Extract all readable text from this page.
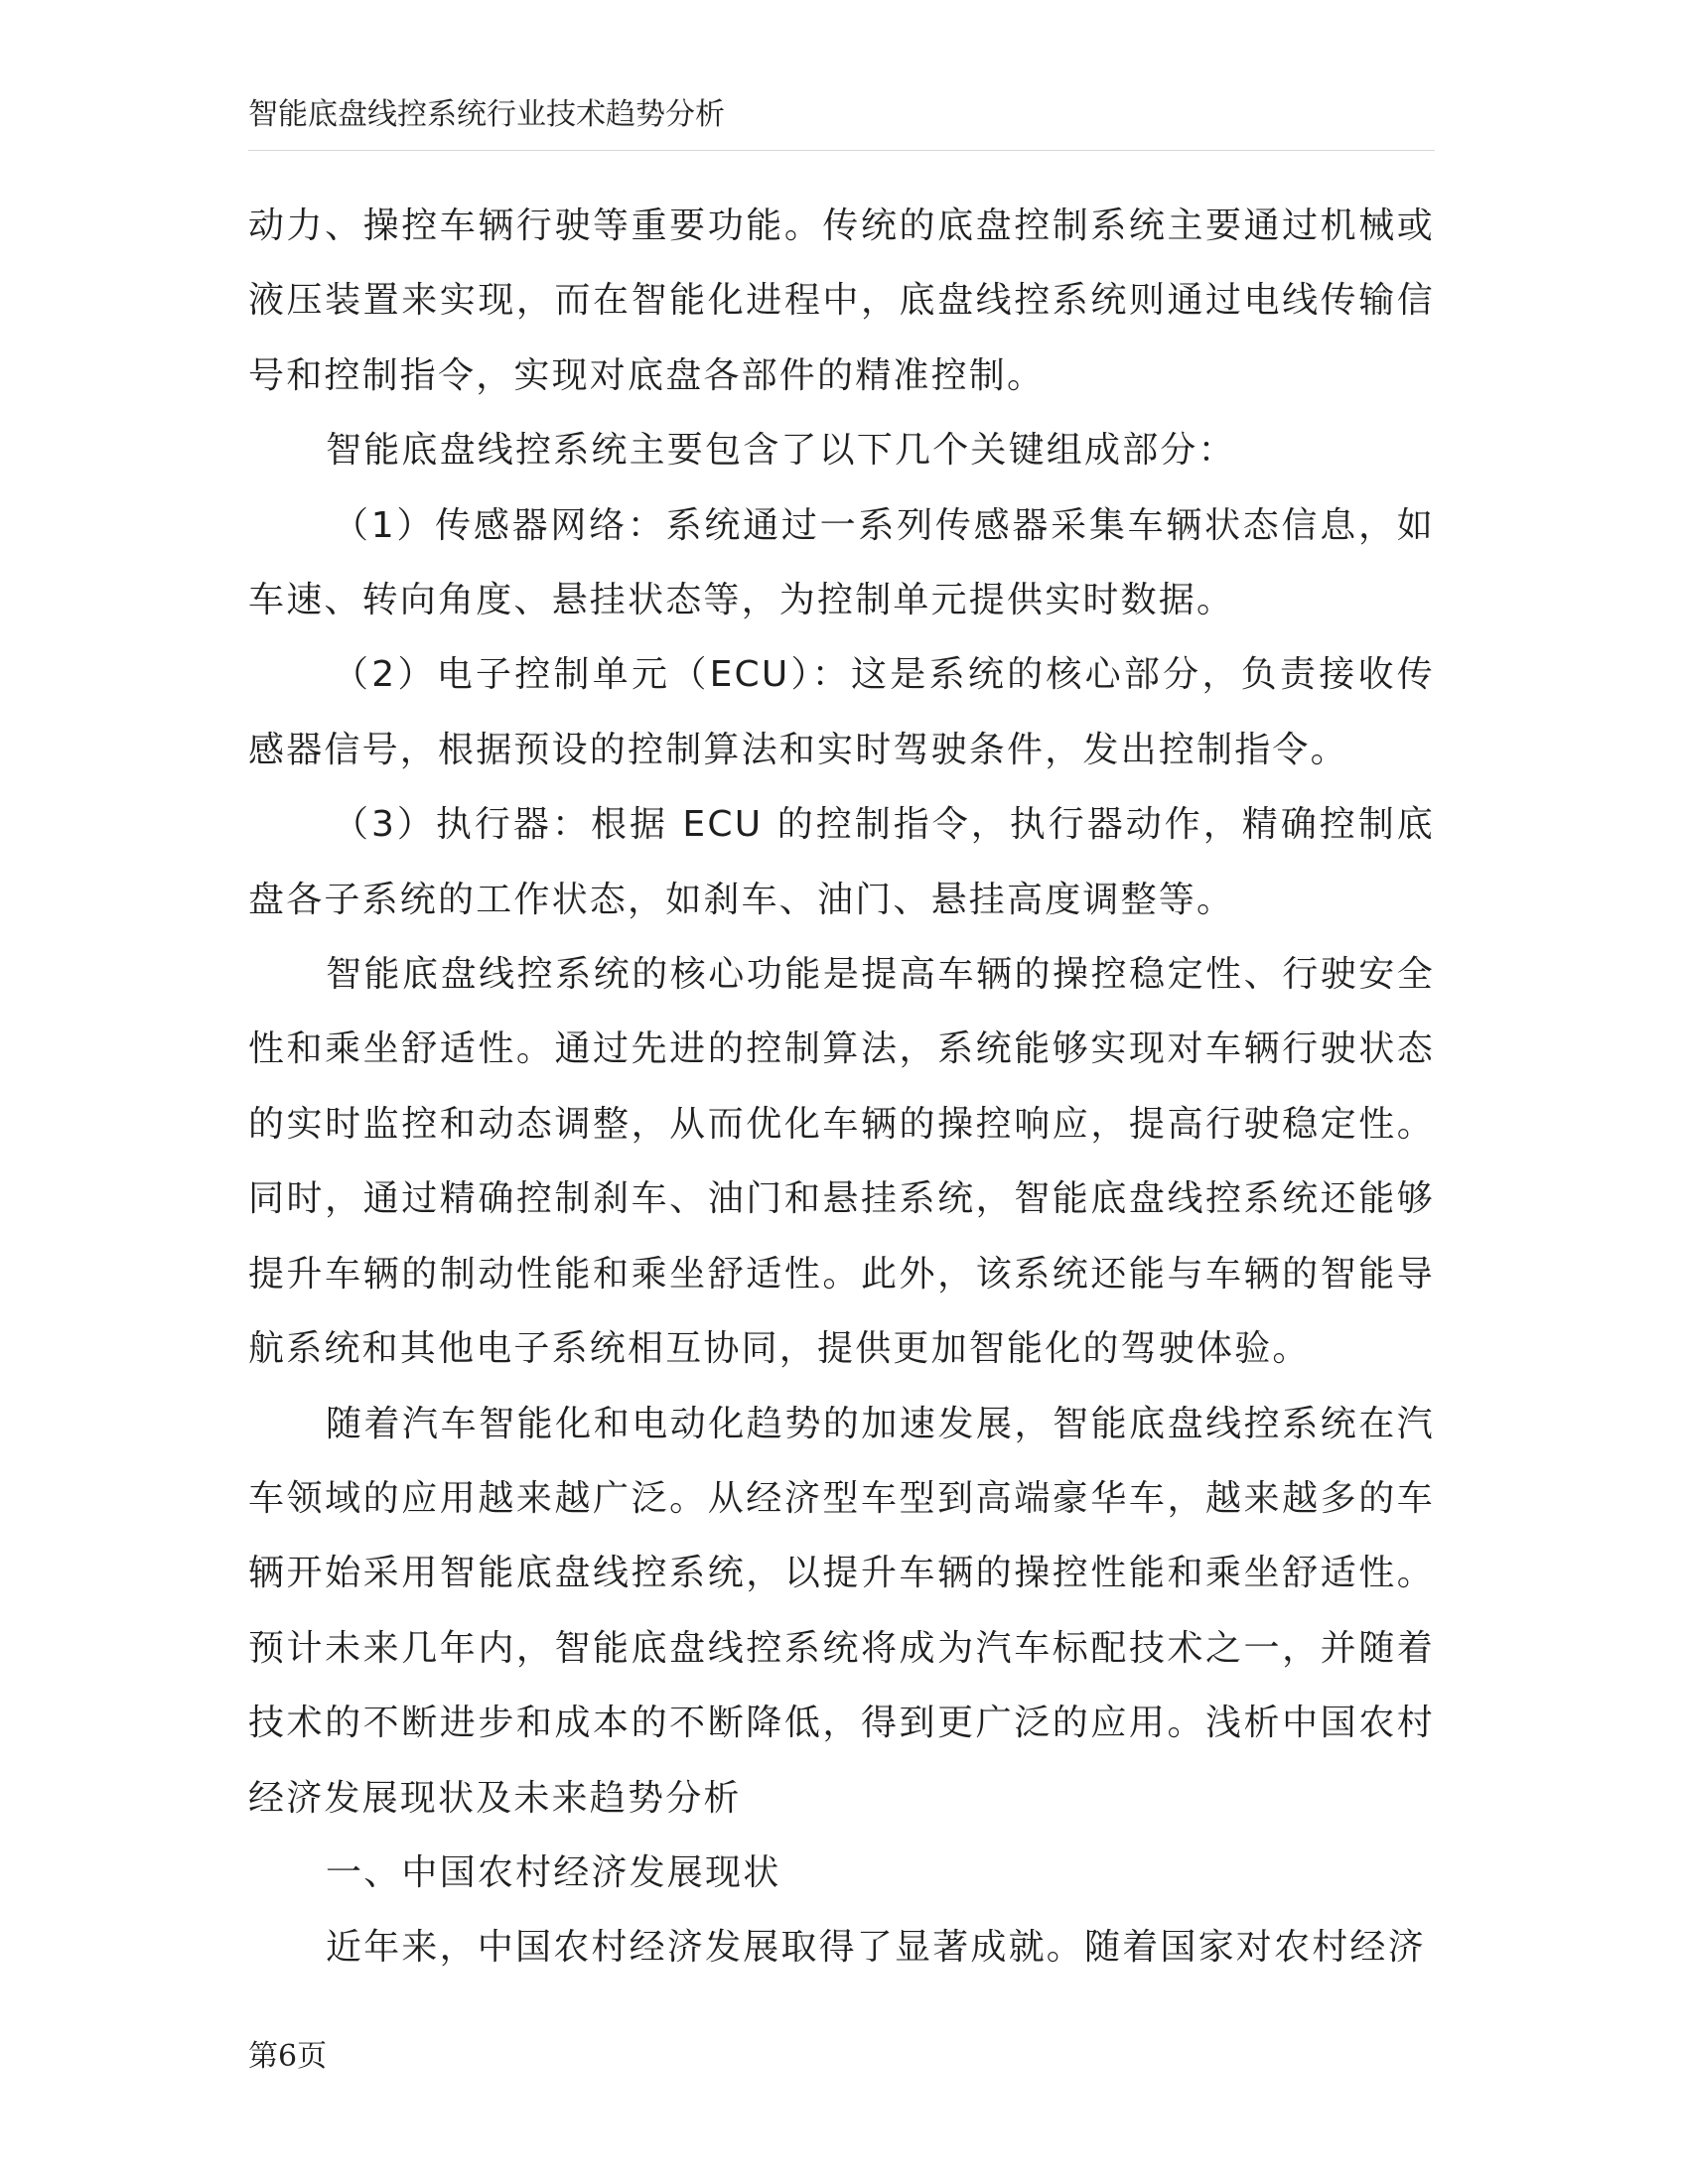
智能底盘线控系统行业技术趋势分析

动力、操控车辆行驶等重要功能。传统的底盘控制系统主要通过机械或液压装置来实现，而在智能化进程中，底盘线控系统则通过电线传输信号和控制指令，实现对底盘各部件的精准控制。

智能底盘线控系统主要包含了以下几个关键组成部分：

（1）传感器网络：系统通过一系列传感器采集车辆状态信息，如车速、转向角度、悬挂状态等，为控制单元提供实时数据。

（2）电子控制单元（ECU）：这是系统的核心部分，负责接收传感器信号，根据预设的控制算法和实时驾驶条件，发出控制指令。

（3）执行器：根据 ECU 的控制指令，执行器动作，精确控制底盘各子系统的工作状态，如刹车、油门、悬挂高度调整等。

智能底盘线控系统的核心功能是提高车辆的操控稳定性、行驶安全性和乘坐舒适性。通过先进的控制算法，系统能够实现对车辆行驶状态的实时监控和动态调整，从而优化车辆的操控响应，提高行驶稳定性。同时，通过精确控制刹车、油门和悬挂系统，智能底盘线控系统还能够提升车辆的制动性能和乘坐舒适性。此外，该系统还能与车辆的智能导航系统和其他电子系统相互协同，提供更加智能化的驾驶体验。

随着汽车智能化和电动化趋势的加速发展，智能底盘线控系统在汽车领域的应用越来越广泛。从经济型车型到高端豪华车，越来越多的车辆开始采用智能底盘线控系统，以提升车辆的操控性能和乘坐舒适性。预计未来几年内，智能底盘线控系统将成为汽车标配技术之一，并随着技术的不断进步和成本的不断降低，得到更广泛的应用。浅析中国农村经济发展现状及未来趋势分析

一、中国农村经济发展现状

近年来，中国农村经济发展取得了显著成就。随着国家对农村经济

第6页
